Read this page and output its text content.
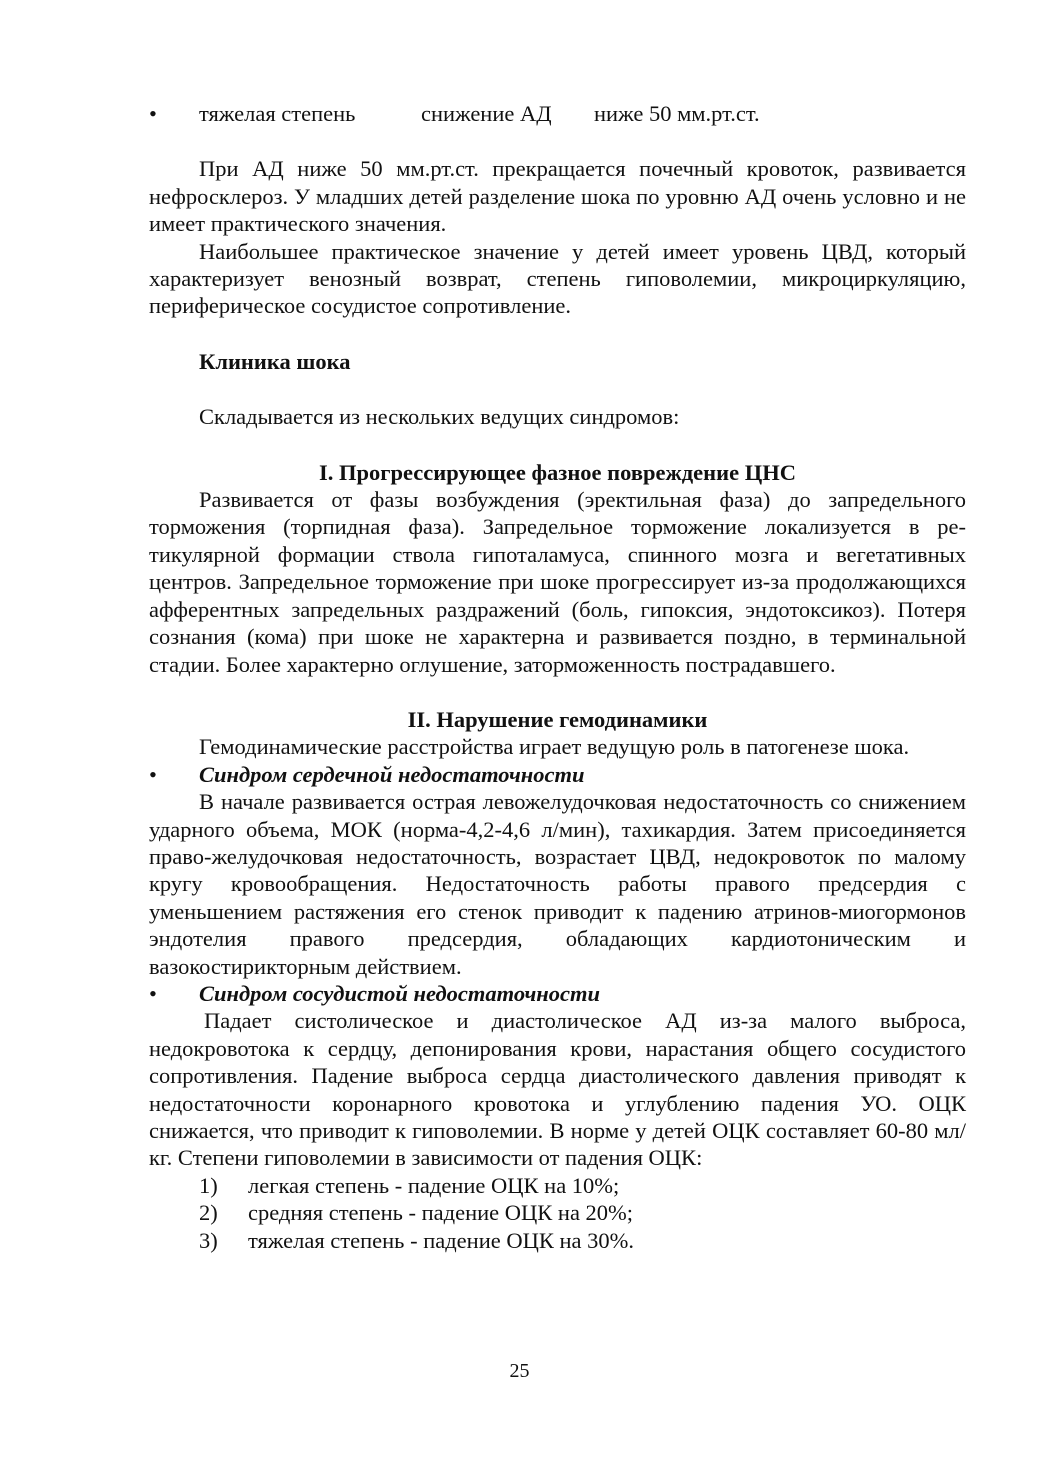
•	тяжелая степень	снижение АД ниже 50 мм.рт.ст.

При АД ниже 50 мм.рт.ст. прекращается почечный кровоток, развивается нефросклероз. У младших детей разделение шока по уровню АД очень условно и не имеет практического значения.

Наибольшее практическое значение у детей имеет уровень ЦВД, который характеризует венозный возврат, степень гиповолемии, микроциркуляцию, периферическое сосудистое сопротивление.

Клиника шока

Складывается из нескольких ведущих синдромов:

I. Прогрессирующее фазное повреждение ЦНС

Развивается от фазы возбуждения (эректильная фаза) до запредельного торможения (торпидная фаза). Запредельное торможение локализуется в ретикулярной формации ствола гипоталамуса, спинного мозга и вегетативных центров. Запредельное торможение при шоке прогрессирует из-за продолжающихся афферентных запредельных раздражений (боль, гипоксия, эндотоксикоз). Потеря сознания (кома) при шоке не характерна и развивается поздно, в терминальной стадии. Более характерно оглушение, заторможенность пострадавшего.

II. Нарушение гемодинамики

Гемодинамические расстройства играет ведущую роль в патогенезе шока.

•	Синдром сердечной недостаточности

В начале развивается острая левожелудочковая недостаточность со снижением ударного объема, МОК (норма-4,2-4,6 л/мин), тахикардия. Затем присоединяется право-желудочковая недостаточность, возрастает ЦВД, недокровоток по малому кругу кровообращения. Недостаточность работы правого предсердия с уменьшением растяжения его стенок приводит к падению атринов-миогормонов эндотелия правого предсердия, обладающих кардиотоническим и вазокостирикторным действием.

•	Синдром сосудистой недостаточности

Падает систолическое и диастолическое АД из-за малого выброса, недокровотока к сердцу, депонирования крови, нарастания общего сосудистого сопротивления. Падение выброса сердца диастолического давления приводят к недостаточности коронарного кровотока и углублению падения УО. ОЦК снижается, что приводит к гиповолемии. В норме у детей ОЦК составляет 60-80 мл/кг. Степени гиповолемии в зависимости от падения ОЦК:

1)	легкая степень - падение ОЦК на 10%;
2)	средняя степень - падение ОЦК на 20%;
3)	тяжелая степень - падение ОЦК на 30%.
25
